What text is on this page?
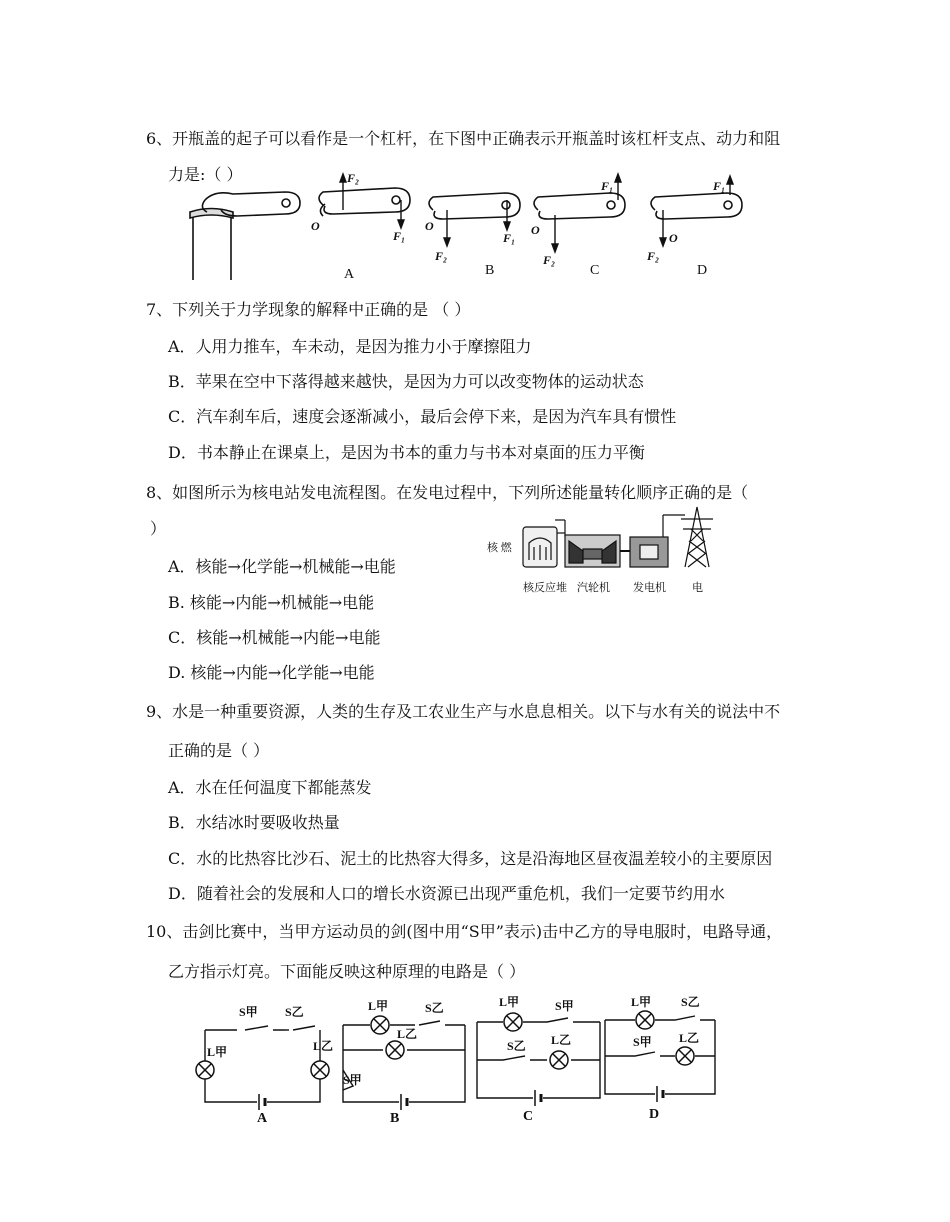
6、开瓶盖的起子可以看作是一个杠杆，在下图中正确表示开瓶盖时该杠杆支点、动力和阻
力是:（ ）	F₂
F₁
O
F₂
F₁
O
F₂
F₁
O
F₂
F₁
O
A	B	C	D
7、下列关于力学现象的解释中正确的是 （ ）
A．人用力推车，车未动，是因为推力小于摩擦阻力
B．苹果在空中下落得越来越快，是因为力可以改变物体的运动状态
C．汽车刹车后，速度会逐渐减小，最后会停下来，是因为汽车具有惯性
D．书本静止在课桌上，是因为书本的重力与书本对桌面的压力平衡
8、如图所示为核电站发电流程图。在发电过程中，下列所述能量转化顺序正确的是（
）
A．核能→化学能→机械能→电能
B. 核能→内能→机械能→电能
C．核能→机械能→内能→电能
D. 核能→内能→化学能→电能
核 燃
核反应堆 汽轮机 发电机 电
9、水是一种重要资源，人类的生存及工农业生产与水息息相关。以下与水有关的说法中不
正确的是（ ）
A．水在任何温度下都能蒸发
B．水结冰时要吸收热量
C．水的比热容比沙石、泥土的比热容大得多，这是沿海地区昼夜温差较小的主要原因
D．随着社会的发展和人口的增长水资源已出现严重危机，我们一定要节约用水
10、击剑比赛中，当甲方运动员的剑(图中用“S甲”表示)击中乙方的导电服时，电路导通，
乙方指示灯亮。下面能反映这种原理的电路是（ ）
S甲 S乙
L甲	L乙
L甲	S乙
L乙
S甲
L甲	S甲
S乙 L乙
L甲 S乙
S甲 L乙
A	B	C	D
